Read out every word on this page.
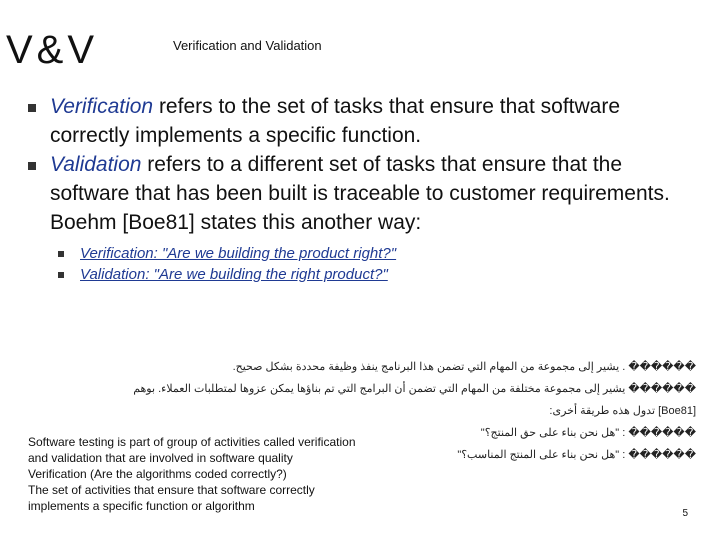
V&V	Verification and Validation

Verification refers to the set of tasks that ensure that software correctly implements a specific function.

Validation refers to a different set of tasks that ensure that the software that has been built is traceable to customer requirements. Boehm [Boe81] states this another way:

Verification: "Are we building the product right?"
Validation: "Are we building the right product?"
������ . يشير إلى مجموعة من المهام التي تضمن هذا البرنامج ينفذ وظيفة محددة بشكل صحيح.
������ يشير إلى مجموعة مختلفة من المهام التي تضمن أن البرامج التي تم بناؤها يمكن عزوها لمتطلبات العملاء. بوهم
[Boe81] تدول هذه طريقة أخرى:
������ : "هل نحن بناء على حق المنتج؟"
������ : "هل نحن بناء على المنتج المناسب؟"
Software testing is part of group of activities called verification and validation that are involved in software quality
Verification (Are the algorithms coded correctly?)
The set of activities that ensure that software correctly implements a specific function or algorithm
5
